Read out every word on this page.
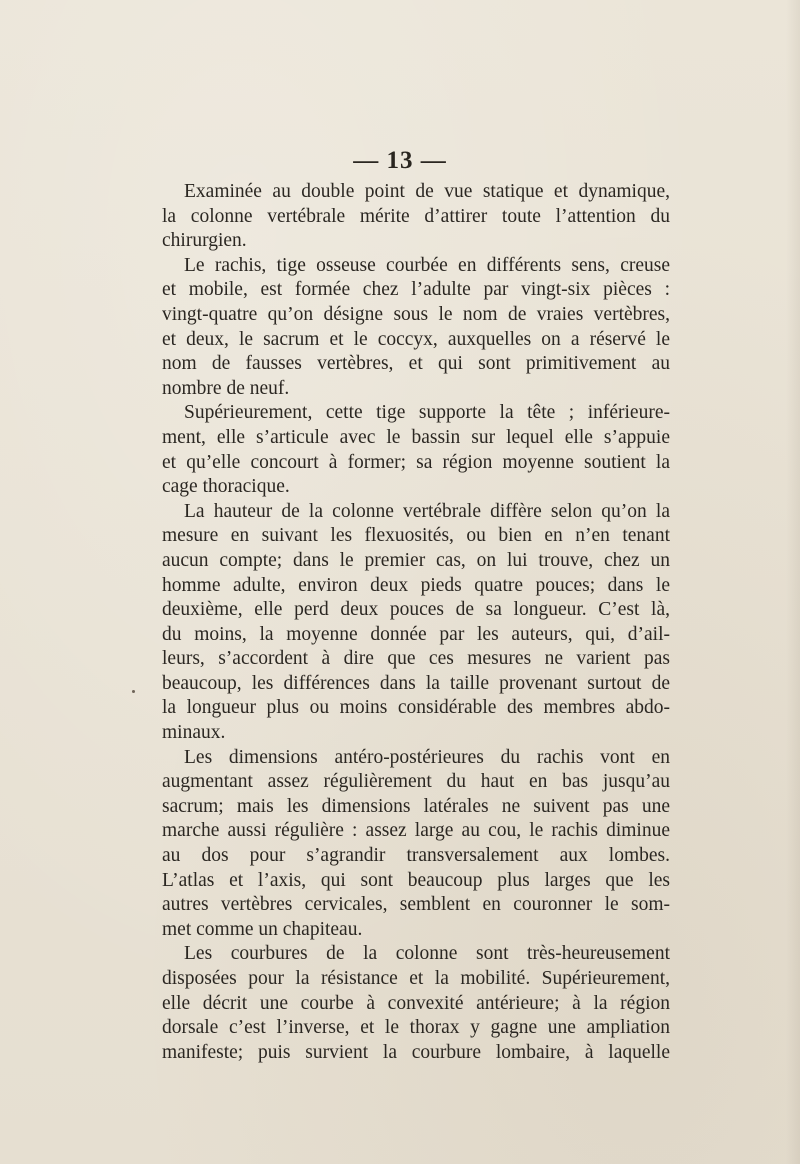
— 13 —

Examinée au double point de vue statique et dynamique,
la colonne vertébrale mérite d’attirer toute l’attention du
chirurgien.

Le rachis, tige osseuse courbée en différents sens, creuse
et mobile, est formée chez l’adulte par vingt-six pièces :
vingt-quatre qu’on désigne sous le nom de vraies vertèbres,
et deux, le sacrum et le coccyx, auxquelles on a réservé le
nom de fausses vertèbres, et qui sont primitivement au
nombre de neuf.

Supérieurement, cette tige supporte la tête ; inférieure-
ment, elle s’articule avec le bassin sur lequel elle s’appuie
et qu’elle concourt à former; sa région moyenne soutient la
cage thoracique.

La hauteur de la colonne vertébrale diffère selon qu’on la
mesure en suivant les flexuosités, ou bien en n’en tenant
aucun compte; dans le premier cas, on lui trouve, chez un
homme adulte, environ deux pieds quatre pouces; dans le
deuxième, elle perd deux pouces de sa longueur. C’est là,
du moins, la moyenne donnée par les auteurs, qui, d’ail-
leurs, s’accordent à dire que ces mesures ne varient pas
beaucoup, les différences dans la taille provenant surtout de
la longueur plus ou moins considérable des membres abdo-
minaux.

Les dimensions antéro-postérieures du rachis vont en
augmentant assez régulièrement du haut en bas jusqu’au
sacrum; mais les dimensions latérales ne suivent pas une
marche aussi régulière : assez large au cou, le rachis diminue
au dos pour s’agrandir transversalement aux lombes.
L’atlas et l’axis, qui sont beaucoup plus larges que les
autres vertèbres cervicales, semblent en couronner le som-
met comme un chapiteau.

Les courbures de la colonne sont très-heureusement
disposées pour la résistance et la mobilité. Supérieurement,
elle décrit une courbe à convexité antérieure; à la région
dorsale c’est l’inverse, et le thorax y gagne une ampliation
manifeste; puis survient la courbure lombaire, à laquelle
